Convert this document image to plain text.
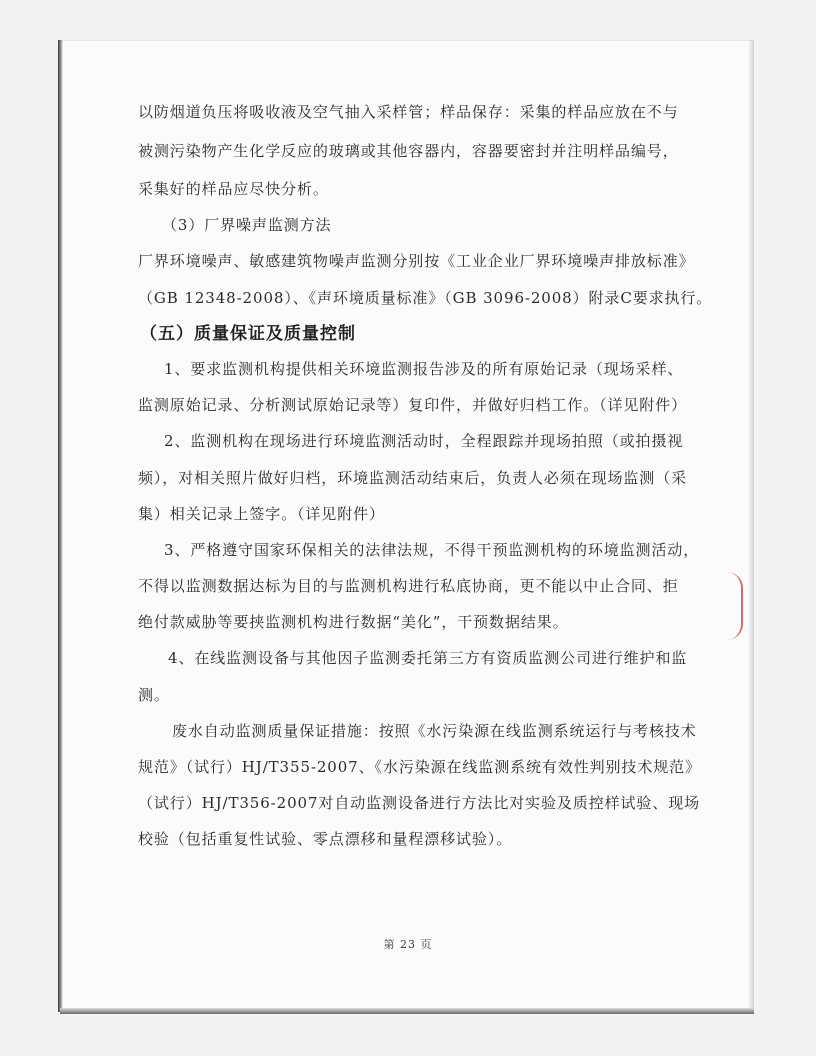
以防烟道负压将吸收液及空气抽入采样管；样品保存：采集的样品应放在不与
被测污染物产生化学反应的玻璃或其他容器内，容器要密封并注明样品编号，
采集好的样品应尽快分析。
（3）厂界噪声监测方法
厂界环境噪声、敏感建筑物噪声监测分别按《工业企业厂界环境噪声排放标准》
（GB 12348-2008）、《声环境质量标准》（GB 3096-2008）附录C要求执行。
（五）质量保证及质量控制
1、要求监测机构提供相关环境监测报告涉及的所有原始记录（现场采样、
监测原始记录、分析测试原始记录等）复印件，并做好归档工作。（详见附件）
2、监测机构在现场进行环境监测活动时，全程跟踪并现场拍照（或拍摄视
频），对相关照片做好归档，环境监测活动结束后，负责人必须在现场监测（采
集）相关记录上签字。（详见附件）
3、严格遵守国家环保相关的法律法规，不得干预监测机构的环境监测活动，
不得以监测数据达标为目的与监测机构进行私底协商，更不能以中止合同、拒
绝付款威胁等要挟监测机构进行数据“美化”，干预数据结果。
4、在线监测设备与其他因子监测委托第三方有资质监测公司进行维护和监
测。
废水自动监测质量保证措施：按照《水污染源在线监测系统运行与考核技术
规范》（试行）HJ/T355-2007、《水污染源在线监测系统有效性判别技术规范》
（试行）HJ/T356-2007对自动监测设备进行方法比对实验及质控样试验、现场
校验（包括重复性试验、零点漂移和量程漂移试验）。
第 23 页
